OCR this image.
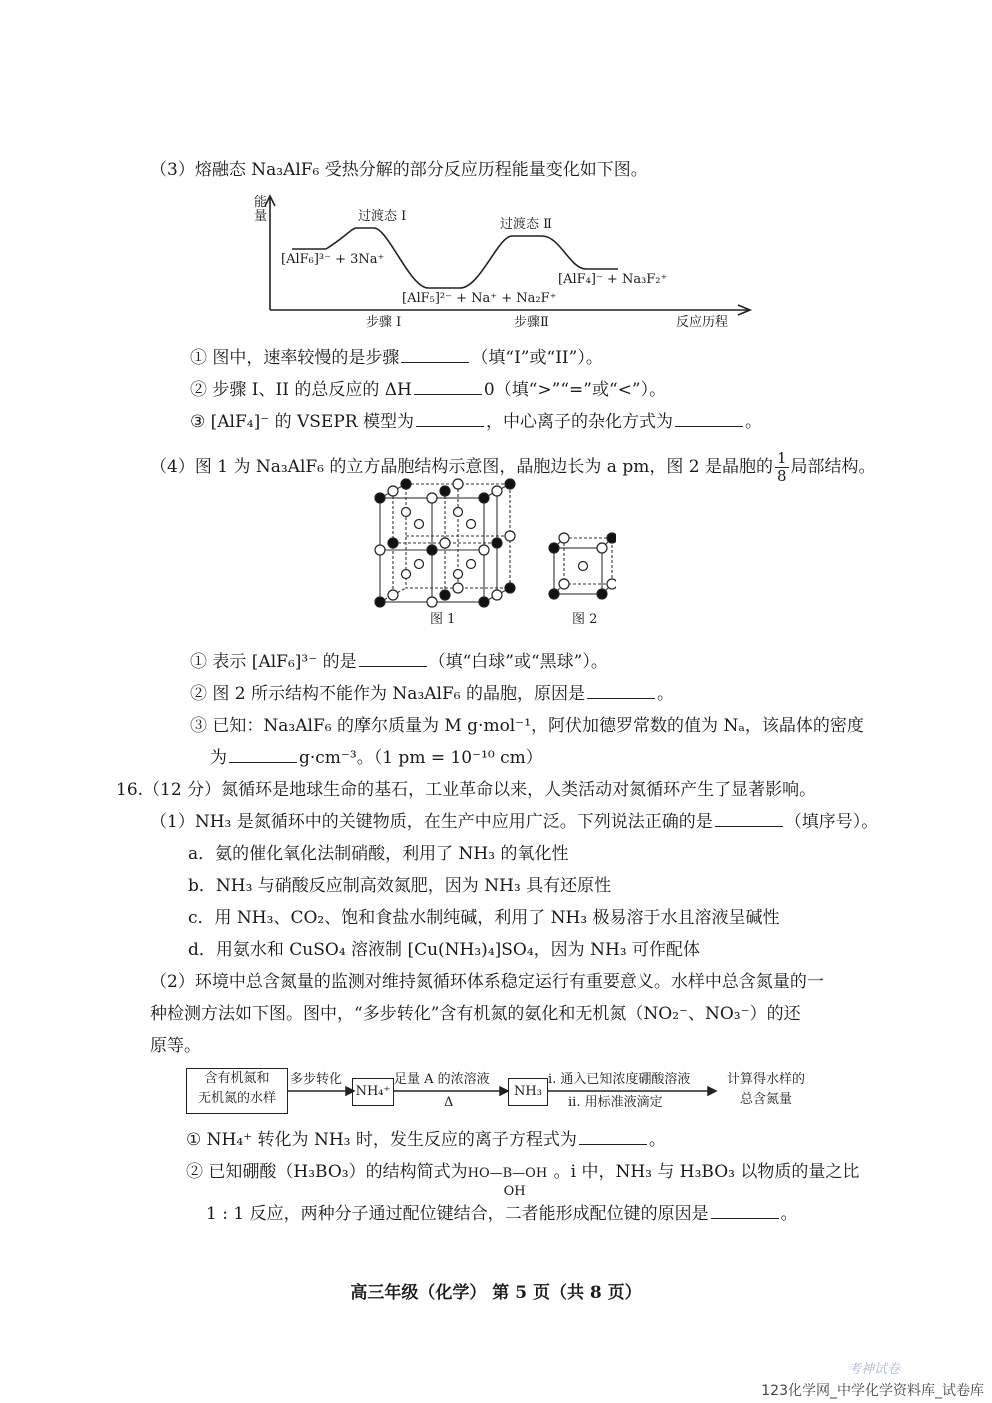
（3）熔融态 Na₃AlF₆ 受热分解的部分反应历程能量变化如下图。
能量	过渡态 I
过渡态 Ⅱ
[AlF₆]³⁻ + 3Na⁺
[AlF₅]²⁻ + Na⁺ + Na₂F⁺
[AlF₄]⁻ + Na₃F₂⁺
步骤 I	步骤Ⅱ	反应历程
① 图中，速率较慢的是步骤	（填“I”或“II”）。
② 步骤 I、II 的总反应的 ΔH	0（填“>”“=”或“<”）。
③ [AlF₄]⁻ 的 VSEPR 模型为	，中心离子的杂化方式为	。
（4）图 1 为 Na₃AlF₆ 的立方晶胞结构示意图，晶胞边长为 a pm，图 2 是晶胞的 $\frac{1}{8}$ 局部结构。
图 1	图 2
① 表示 [AlF₆]³⁻ 的是	（填“白球”或“黑球”）。
② 图 2 所示结构不能作为 Na₃AlF₆ 的晶胞，原因是	。
③ 已知：Na₃AlF₆ 的摩尔质量为 M g·mol⁻¹，阿伏加德罗常数的值为 Nₐ，该晶体的密度
为	g·cm⁻³。（1 pm = 10⁻¹⁰ cm）
16.（12 分）氮循环是地球生命的基石，工业革命以来，人类活动对氮循环产生了显著影响。
（1）NH₃ 是氮循环中的关键物质，在生产中应用广泛。下列说法正确的是	（填序号）。
a．氨的催化氧化法制硝酸，利用了 NH₃ 的氧化性
b．NH₃ 与硝酸反应制高效氮肥，因为 NH₃ 具有还原性
c．用 NH₃、CO₂、饱和食盐水制纯碱，利用了 NH₃ 极易溶于水且溶液呈碱性
d．用氨水和 CuSO₄ 溶液制 [Cu(NH₃)₄]SO₄，因为 NH₃ 可作配体
（2）环境中总含氮量的监测对维持氮循环体系稳定运行有重要意义。水样中总含氮量的一
种检测方法如下图。图中，“多步转化”含有机氮的氨化和无机氮（NO₂⁻、NO₃⁻）的还
原等。
含有机氮和
无机氮的水样	NH₄⁺	NH₃
多步转化	足量 A 的浓溶液
Δ
i. 通入已知浓度硼酸溶液
ii. 用标准液滴定
计算得水样的
总含氮量
① NH₄⁺ 转化为 NH₃ 时，发生反应的离子方程式为	。
② 已知硼酸（H₃BO₃）的结构简式为HO—B—OH
OH
。i 中，NH₃ 与 H₃BO₃ 以物质的量之比
1 : 1 反应，两种分子通过配位键结合，二者能形成配位键的原因是	。
高三年级（化学） 第 5 页（共 8 页）
考神试卷
123化学网_中学化学资料库_试卷库
